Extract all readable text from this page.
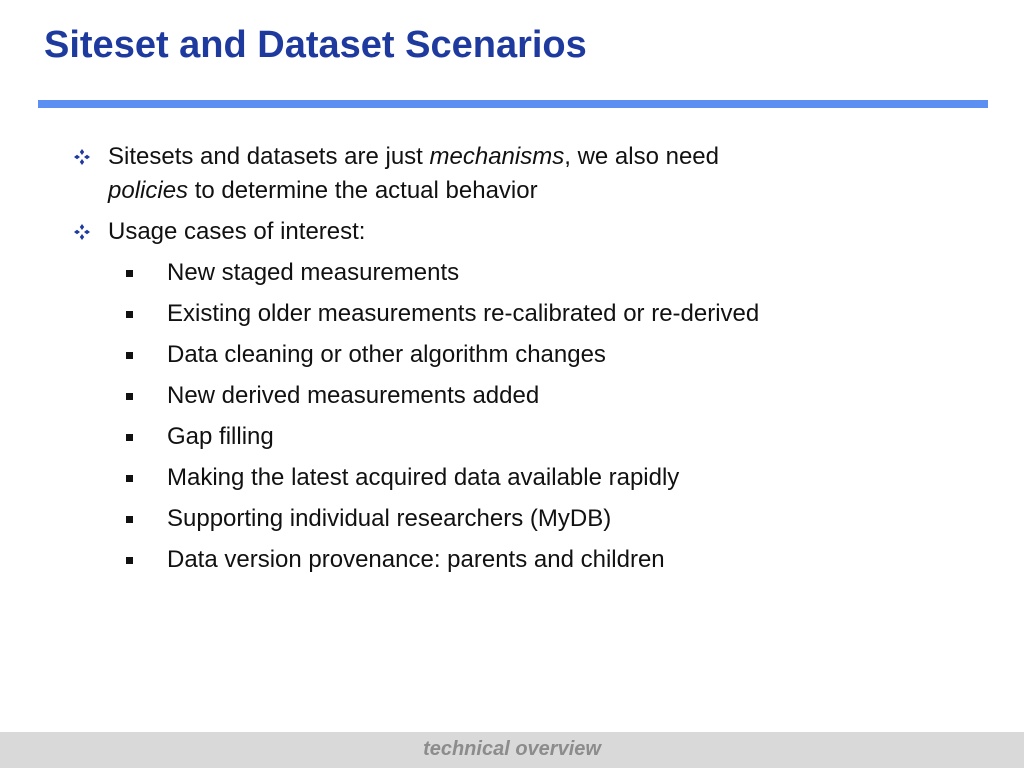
Siteset and Dataset Scenarios
Sitesets and datasets are just mechanisms, we also need
policies to determine the actual behavior
Usage cases of interest:
New staged measurements
Existing older measurements re-calibrated or re-derived
Data cleaning or other algorithm changes
New derived measurements added
Gap filling
Making the latest acquired data available rapidly
Supporting individual researchers (MyDB)
Data version provenance: parents and children
technical overview
